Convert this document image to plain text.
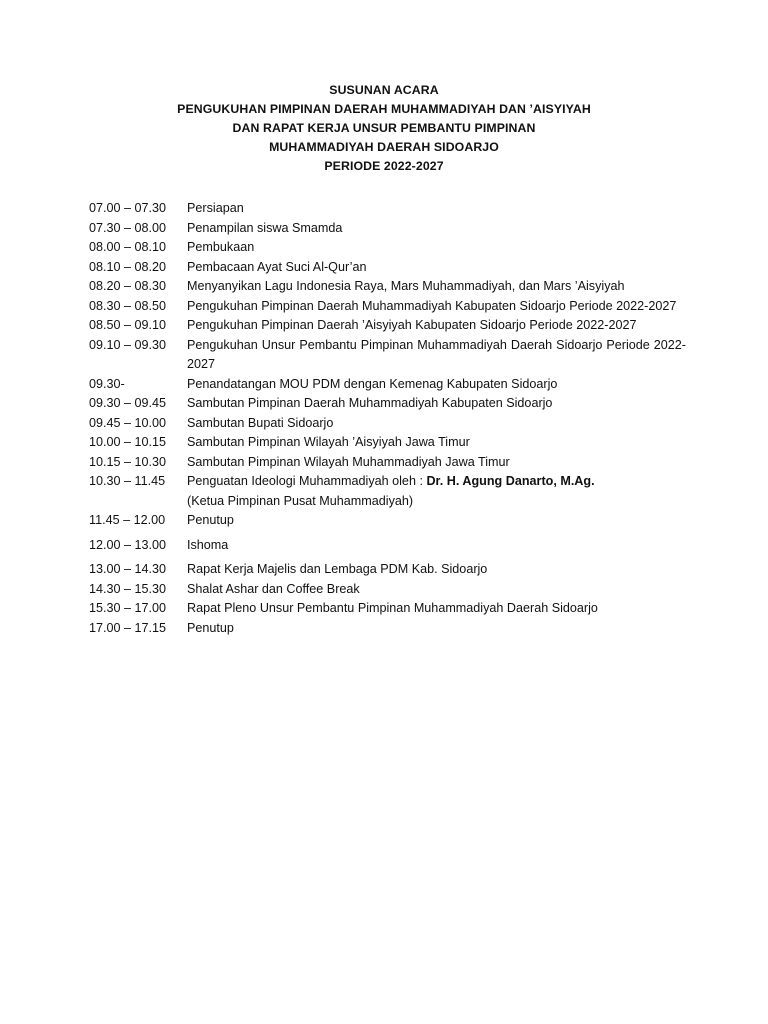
SUSUNAN ACARA
PENGUKUHAN PIMPINAN DAERAH MUHAMMADIYAH DAN ’AISYIYAH
DAN RAPAT KERJA UNSUR PEMBANTU PIMPINAN
MUHAMMADIYAH DAERAH SIDOARJO
PERIODE 2022-2027
07.00 – 07.30	Persiapan
07.30 – 08.00	Penampilan siswa Smamda
08.00 – 08.10	Pembukaan
08.10 – 08.20	Pembacaan Ayat Suci Al-Qur’an
08.20 – 08.30	Menyanyikan Lagu Indonesia Raya, Mars Muhammadiyah, dan Mars ’Aisyiyah
08.30 – 08.50	Pengukuhan Pimpinan Daerah Muhammadiyah Kabupaten Sidoarjo Periode 2022-2027
08.50 – 09.10	Pengukuhan Pimpinan Daerah ’Aisyiyah Kabupaten Sidoarjo Periode 2022-2027
09.10 – 09.30	Pengukuhan Unsur Pembantu Pimpinan Muhammadiyah Daerah Sidoarjo Periode 2022-2027
09.30-	Penandatangan MOU PDM dengan Kemenag Kabupaten Sidoarjo
09.30 – 09.45	Sambutan Pimpinan Daerah Muhammadiyah Kabupaten Sidoarjo
09.45 – 10.00	Sambutan Bupati Sidoarjo
10.00 – 10.15	Sambutan Pimpinan Wilayah ’Aisyiyah Jawa Timur
10.15 – 10.30	Sambutan Pimpinan Wilayah Muhammadiyah Jawa Timur
10.30 – 11.45	Penguatan Ideologi Muhammadiyah oleh : Dr. H. Agung Danarto, M.Ag.
(Ketua Pimpinan Pusat Muhammadiyah)
11.45 – 12.00	Penutup
12.00 – 13.00	Ishoma
13.00 – 14.30	Rapat Kerja Majelis dan Lembaga PDM Kab. Sidoarjo
14.30 – 15.30	Shalat Ashar dan Coffee Break
15.30 – 17.00	Rapat Pleno Unsur Pembantu Pimpinan Muhammadiyah Daerah Sidoarjo
17.00 – 17.15	Penutup
